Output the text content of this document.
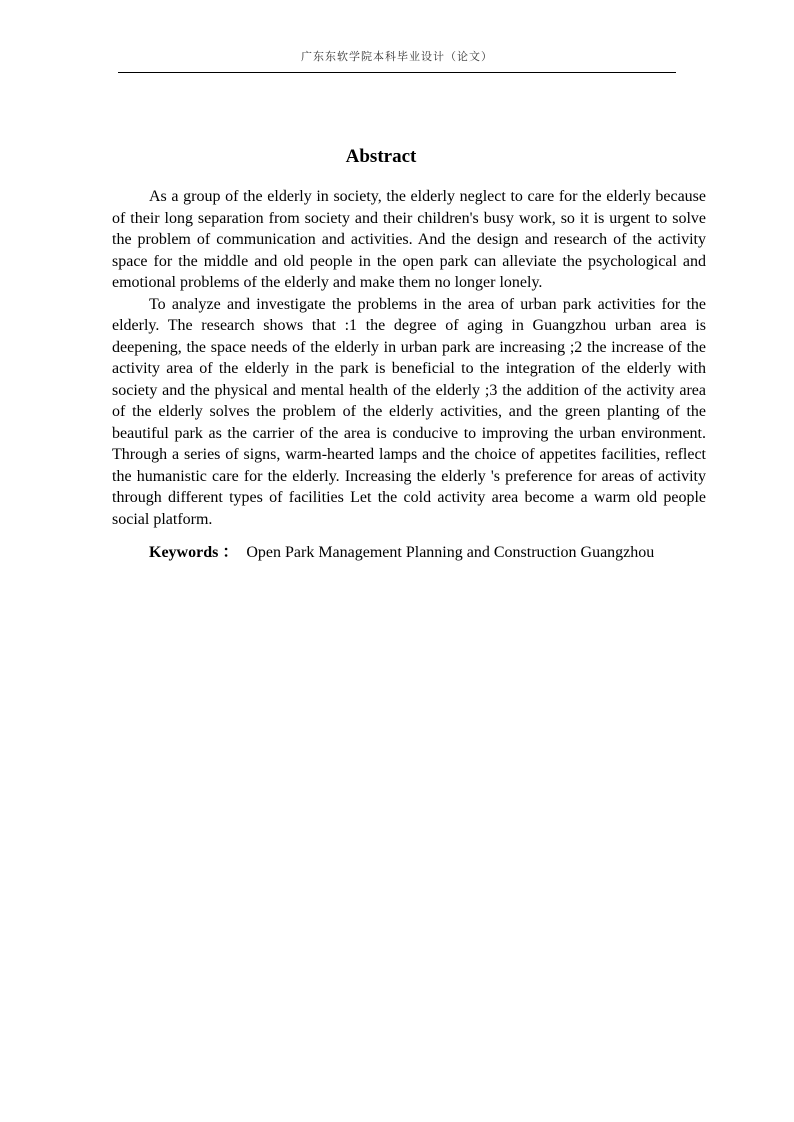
广东东软学院本科毕业设计（论文）
Abstract

As a group of the elderly in society, the elderly neglect to care for the elderly because of their long separation from society and their children's busy work, so it is urgent to solve the problem of communication and activities. And the design and research of the activity space for the middle and old people in the open park can alleviate the psychological and emotional problems of the elderly and make them no longer lonely.

To analyze and investigate the problems in the area of urban park activities for the elderly. The research shows that :1 the degree of aging in Guangzhou urban area is deepening, the space needs of the elderly in urban park are increasing ;2 the increase of the activity area of the elderly in the park is beneficial to the integration of the elderly with society and the physical and mental health of the elderly ;3 the addition of the activity area of the elderly solves the problem of the elderly activities, and the green planting of the beautiful park as the carrier of the area is conducive to improving the urban environment. Through a series of signs, warm-hearted lamps and the choice of appetites facilities, reflect the humanistic care for the elderly. Increasing the elderly 's preference for areas of activity through different types of facilities Let the cold activity area become a warm old people social platform.

Keywords ： Open Park Management Planning and Construction Guangzhou
